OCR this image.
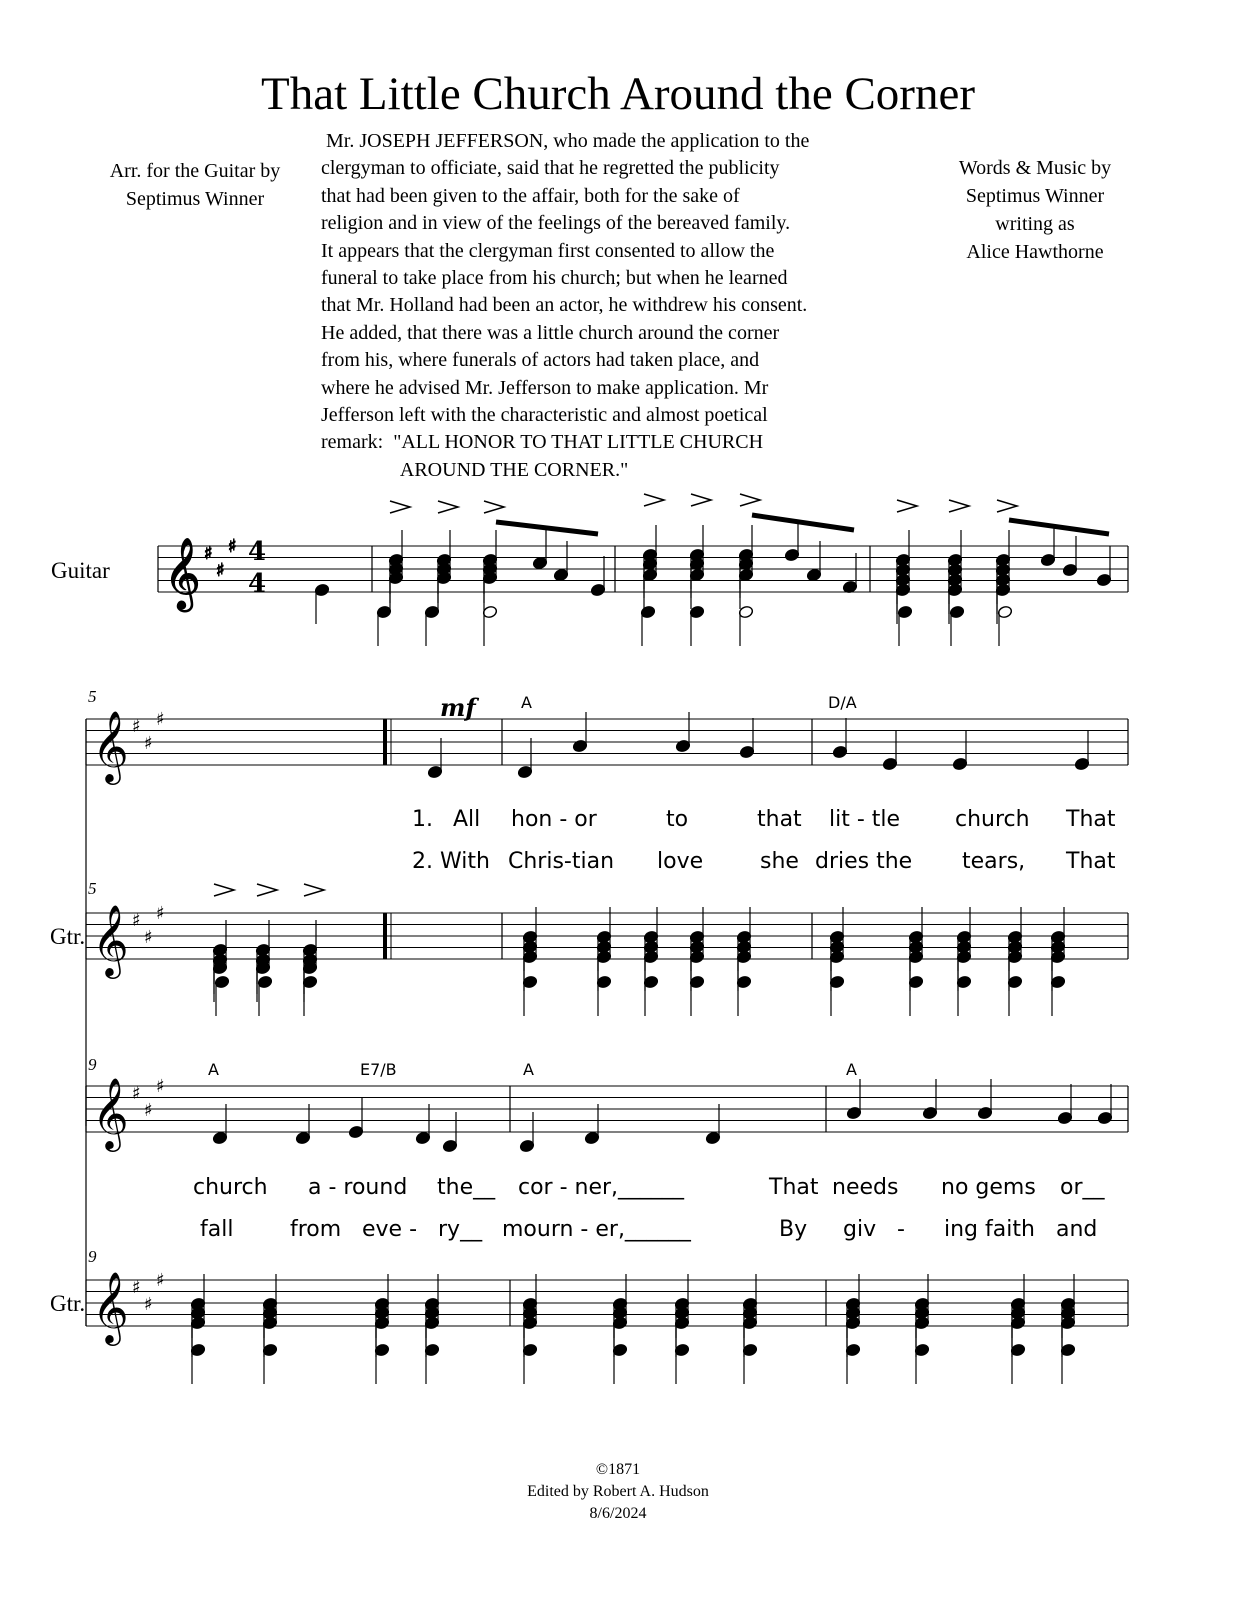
That Little Church Around the Corner
Arr. for the Guitar by
Septimus Winner
Words & Music by
Septimus Winner
writing as
Alice Hawthorne
Mr. JOSEPH JEFFERSON, who made the application to the
clergyman to officiate, said that he regretted the publicity
that had been given to the affair, both for the sake of
religion and in view of the feelings of the bereaved family.
It appears that the clergyman first consented to allow the
funeral to take place from his church; but when he learned
that Mr. Holland had been an actor, he withdrew his consent.
He added, that there was a little church around the corner
from his, where funerals of actors had taken place, and
where he advised Mr. Jefferson to make application. Mr
Jefferson left with the characteristic and almost poetical
remark:  "ALL HONOR TO THAT LITTLE CHURCH
AROUND THE CORNER."
𝄞 ♯
♯
♯
Guitar
4
4
𝄞 ♯
♯
♯
𝄞 ♯
♯
♯
5
5
Gtr.
mf	A	D/A
1. All hon - or	to	that lit - tle church That
2. With Chris-tian love	she dries the tears, That
𝄞 ♯
♯
♯
𝄞 ♯
♯
♯
9
9
Gtr.
A	E7/B	A	A
church a - round the__ cor - ner,______	That needs no gems or__
fall	from eve - ry__ mourn - er,______	By giv - ing faith and
©1871
Edited by Robert A. Hudson
8/6/2024
